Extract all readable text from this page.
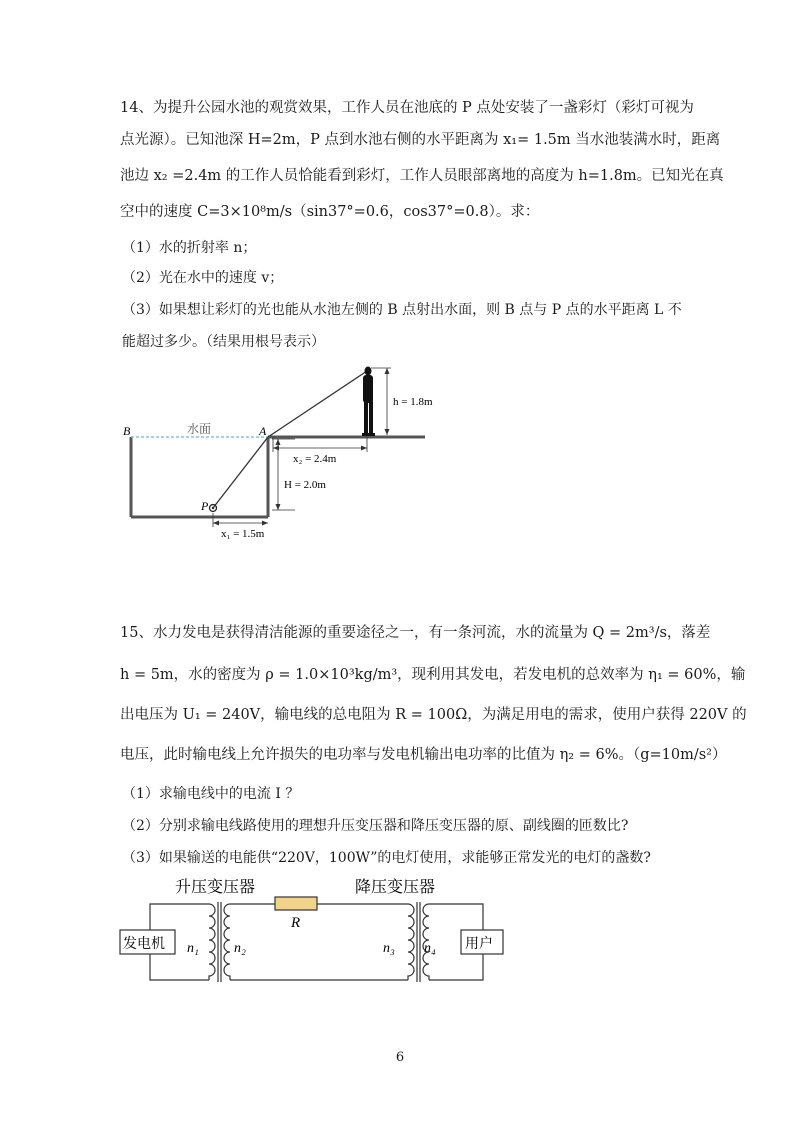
14、为提升公园水池的观赏效果，工作人员在池底的 P 点处安装了一盏彩灯（彩灯可视为
点光源）。已知池深 H=2m，P 点到水池右侧的水平距离为 x₁= 1.5m 当水池装满水时，距离
池边 x₂ =2.4m 的工作人员恰能看到彩灯，工作人员眼部离地的高度为 h=1.8m。已知光在真
空中的速度 C=3×10⁸m/s（sin37°=0.6，cos37°=0.8）。求：
（1）水的折射率 n；
（2）光在水中的速度 v；
（3）如果想让彩灯的光也能从水池左侧的 B 点射出水面，则 B 点与 P 点的水平距离 L 不
能超过多少。（结果用根号表示）
B	A
P
水面
h = 1.8m
x₂ = 2.4m
H = 2.0m
x₁ = 1.5m
15、水力发电是获得清洁能源的重要途径之一，有一条河流，水的流量为 Q = 2m³/s，落差
h = 5m，水的密度为 ρ = 1.0×10³kg/m³，现利用其发电，若发电机的总效率为 η₁ = 60%，输
出电压为 U₁ = 240V，输电线的总电阻为 R = 100Ω，为满足用电的需求，使用户获得 220V 的
电压，此时输电线上允许损失的电功率与发电机输出电功率的比值为 η₂ = 6%。（g=10m/s²）
（1）求输电线中的电流 I ？
（2）分别求输电线路使用的理想升压变压器和降压变压器的原、副线圈的匝数比?
（3）如果输送的电能供“220V，100W”的电灯使用，求能够正常发光的电灯的盏数?
升压变压器	降压变压器
发电机 n₁	n₂
R
n₃ n₄ 用户
6
